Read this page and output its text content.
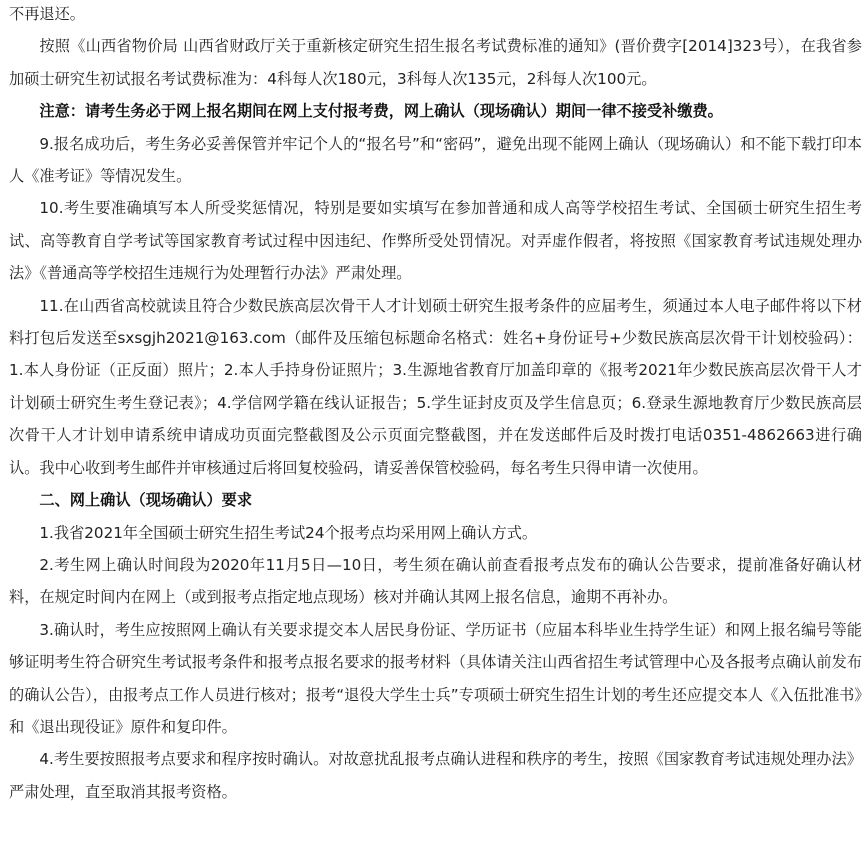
不再退还。

按照《山西省物价局 山西省财政厅关于重新核定研究生招生报名考试费标准的通知》(晋价费字[2014]323号），在我省参加硕士研究生初试报名考试费标准为：4科每人次180元，3科每人次135元，2科每人次100元。

注意：请考生务必于网上报名期间在网上支付报考费，网上确认（现场确认）期间一律不接受补缴费。

9.报名成功后，考生务必妥善保管并牢记个人的“报名号”和“密码”，避免出现不能网上确认（现场确认）和不能下载打印本人《准考证》等情况发生。

10.考生要准确填写本人所受奖惩情况，特别是要如实填写在参加普通和成人高等学校招生考试、全国硕士研究生招生考试、高等教育自学考试等国家教育考试过程中因违纪、作弊所受处罚情况。对弄虚作假者，将按照《国家教育考试违规处理办法》《普通高等学校招生违规行为处理暂行办法》严肃处理。

11.在山西省高校就读且符合少数民族高层次骨干人才计划硕士研究生报考条件的应届考生，须通过本人电子邮件将以下材料打包后发送至sxsgjh2021@163.com（邮件及压缩包标题命名格式：姓名+身份证号+少数民族高层次骨干计划校验码）：1.本人身份证（正反面）照片；2.本人手持身份证照片；3.生源地省教育厅加盖印章的《报考2021年少数民族高层次骨干人才计划硕士研究生考生登记表》；4.学信网学籍在线认证报告；5.学生证封皮页及学生信息页；6.登录生源地教育厅少数民族高层次骨干人才计划申请系统申请成功页面完整截图及公示页面完整截图，并在发送邮件后及时拨打电话0351-4862663进行确认。我中心收到考生邮件并审核通过后将回复校验码，请妥善保管校验码，每名考生只得申请一次使用。

二、网上确认（现场确认）要求

1.我省2021年全国硕士研究生招生考试24个报考点均采用网上确认方式。

2.考生网上确认时间段为2020年11月5日—10日，考生须在确认前查看报考点发布的确认公告要求，提前准备好确认材料，在规定时间内在网上（或到报考点指定地点现场）核对并确认其网上报名信息，逾期不再补办。

3.确认时，考生应按照网上确认有关要求提交本人居民身份证、学历证书（应届本科毕业生持学生证）和网上报名编号等能够证明考生符合研究生考试报考条件和报考点报名要求的报考材料（具体请关注山西省招生考试管理中心及各报考点确认前发布的确认公告），由报考点工作人员进行核对；报考“退役大学生士兵”专项硕士研究生招生计划的考生还应提交本人《入伍批准书》和《退出现役证》原件和复印件。

4.考生要按照报考点要求和程序按时确认。对故意扰乱报考点确认进程和秩序的考生，按照《国家教育考试违规处理办法》严肃处理，直至取消其报考资格。
